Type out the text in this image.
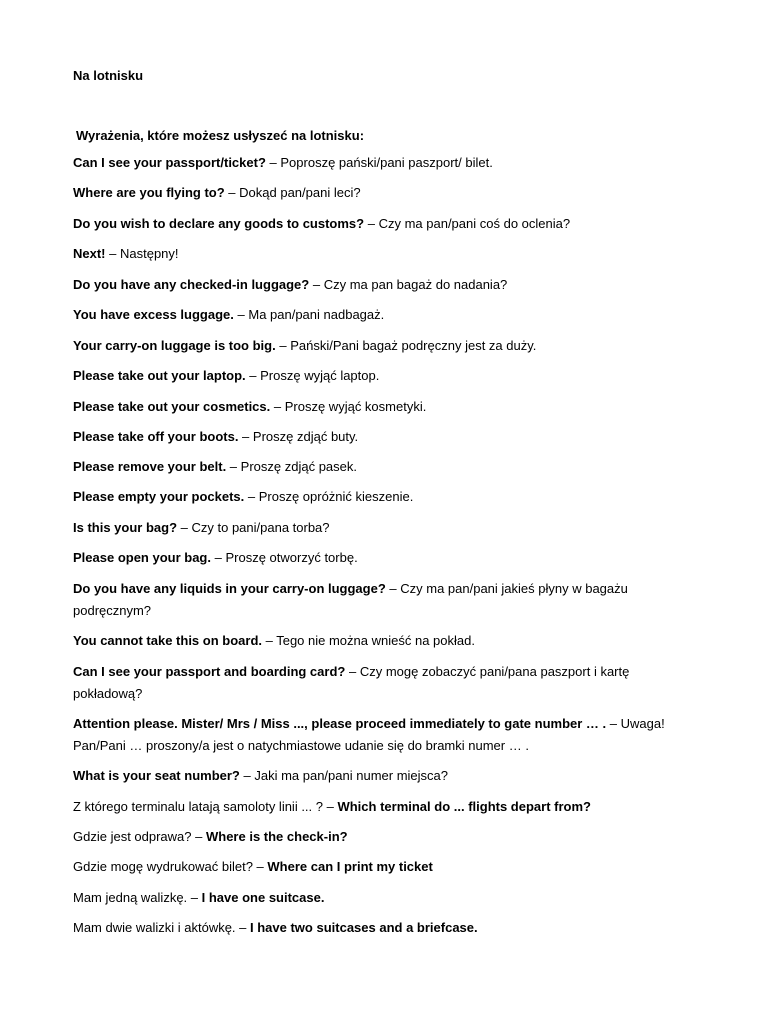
Na lotnisku
Wyrażenia, które możesz usłyszeć na lotnisku:
Can I see your passport/ticket? – Poproszę pański/pani paszport/ bilet.
Where are you flying to? – Dokąd pan/pani leci?
Do you wish to declare any goods to customs? – Czy ma pan/pani coś do oclenia?
Next! – Następny!
Do you have any checked-in luggage? – Czy ma pan bagaż do nadania?
You have excess luggage. – Ma pan/pani nadbagaż.
Your carry-on luggage is too big. – Pański/Pani bagaż podręczny jest za duży.
Please take out your laptop. – Proszę wyjąć laptop.
Please take out your cosmetics. – Proszę wyjąć kosmetyki.
Please take off your boots. – Proszę zdjąć buty.
Please remove your belt. – Proszę zdjąć pasek.
Please empty your pockets. – Proszę opróżnić kieszenie.
Is this your bag? – Czy to pani/pana torba?
Please open your bag. – Proszę otworzyć torbę.
Do you have any liquids in your carry-on luggage? – Czy ma pan/pani jakieś płyny w bagażu podręcznym?
You cannot take this on board. – Tego nie można wnieść na pokład.
Can I see your passport and boarding card? – Czy mogę zobaczyć pani/pana paszport i kartę pokładową?
Attention please. Mister/ Mrs / Miss ..., please proceed immediately to gate number … . – Uwaga! Pan/Pani … proszony/a jest o natychmiastowe udanie się do bramki numer … .
What is your seat number? – Jaki ma pan/pani numer miejsca?
Z którego terminalu latają samoloty linii ... ? – Which terminal do ... flights depart from?
Gdzie jest odprawa? – Where is the check-in?
Gdzie mogę wydrukować bilet? – Where can I print my ticket
Mam jedną walizkę. – I have one suitcase.
Mam dwie walizki i aktówkę. – I have two suitcases and a briefcase.
